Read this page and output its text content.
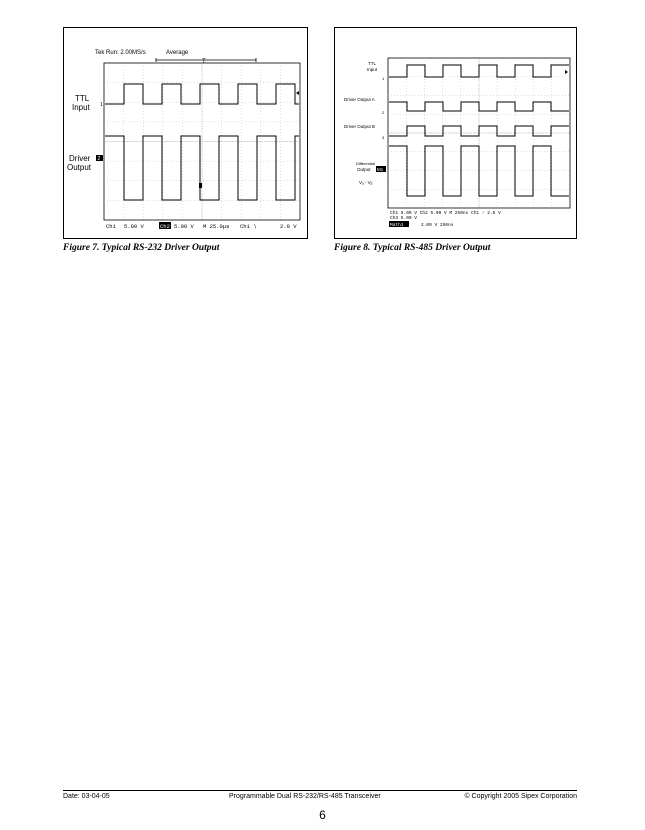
Tek Run: 2.00MS/s	Average
T
TTL
Input 1
Driver
Output
2
Ch1 5.00 V	Ch2 5.00 V M 25.0µs Ch1 ∖	2.0 V
Figure 7. Typical RS-232 Driver Output
TTL
Input
1
Driver Output A
2
Driver Output B
3
Differential
Output M1
Vₐ - Vᵦ
Ch1 5.00 V Ch2 5.00 V M 250ns Ch1 ∕ 2.5 V
Ch3 5.00 V
Math1	2.00 V 250ns
Figure 8. Typical RS-485 Driver Output
Date: 03-04-05	Programmable Dual RS-232/RS-485 Transceiver	© Copyright 2005 Sipex Corporation
6
